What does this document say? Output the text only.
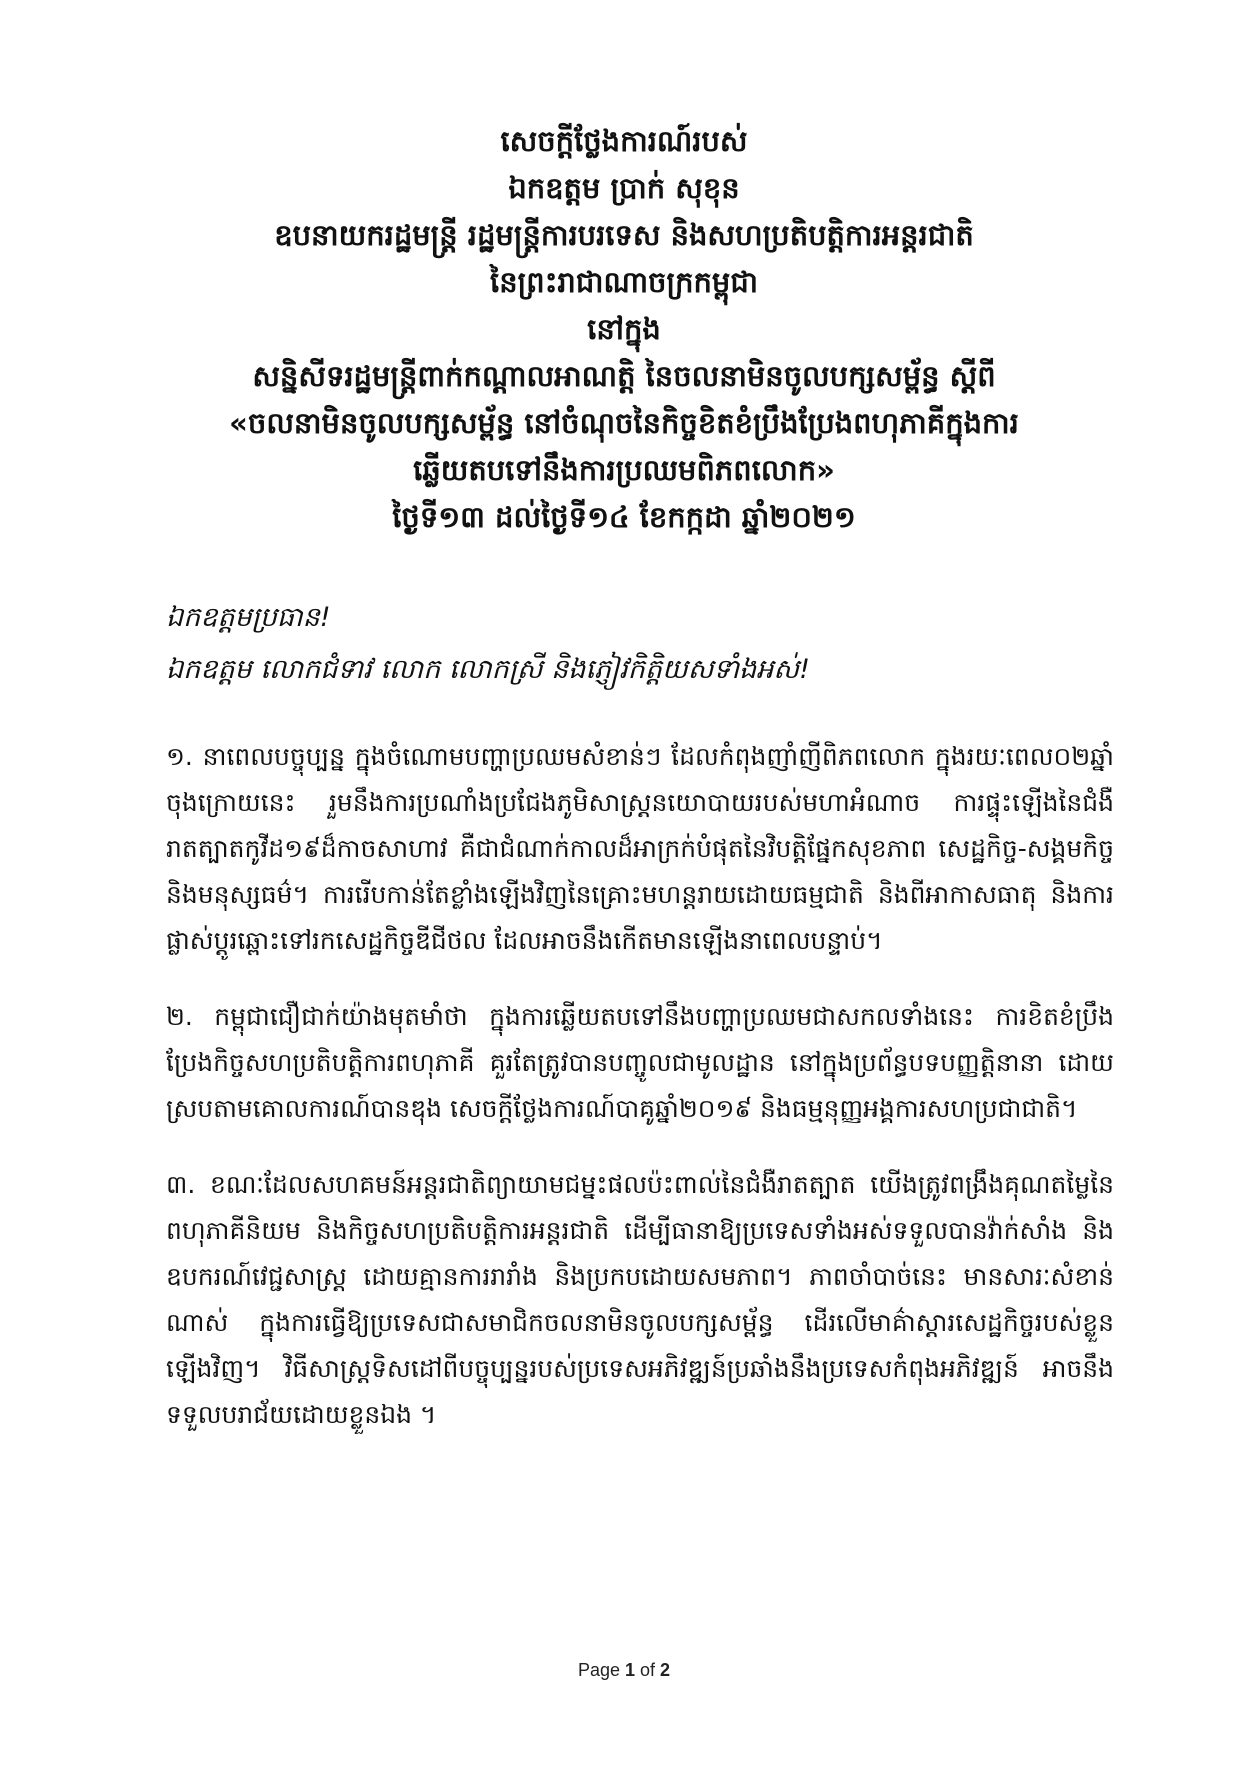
សេចក្តីថ្លែងការណ៍របស់
ឯកឧត្តម ប្រាក់ សុខុន
ឧបនាយករដ្ឋមន្ត្រី រដ្ឋមន្ត្រីការបរទេស និងសហប្រតិបត្តិការអន្តរជាតិ
នៃព្រះរាជាណាចក្រកម្ពុជា
នៅក្នុង
សន្និសីទរដ្ឋមន្ត្រីពាក់កណ្តាលអាណត្តិ នៃចលនាមិនចូលបក្សសម្ព័ន្ធ ស្តីពី
«ចលនាមិនចូលបក្សសម្ព័ន្ធ នៅចំណុចនៃកិច្ចខិតខំប្រឹងប្រែងពហុភាគីក្នុងការ
ឆ្លើយតបទៅនឹងការប្រឈមពិភពលោក»
ថ្ងៃទី១៣ ដល់ថ្ងៃទី១៤ ខែកក្កដា ឆ្នាំ២០២១
ឯកឧត្តមប្រធាន!
ឯកឧត្តម លោកជំទាវ លោក លោកស្រី និងភ្ញៀវកិត្តិយសទាំងអស់!

១. នាពេលបច្ចុប្បន្ន ក្នុងចំណោមបញ្ហាប្រឈមសំខាន់ៗ ដែលកំពុងញាំញីពិភពលោក ក្នុងរយៈពេល០២ឆ្នាំចុងក្រោយនេះ រួមនឹងការប្រណាំងប្រជែងភូមិសាស្ត្រនយោបាយរបស់មហាអំណាច ការផ្ទុះឡើងនៃជំងឺរាតត្បាតកូវីដ១៩ដ៏កាចសាហាវ គឺជាជំណាក់កាលដ៏អាក្រក់បំផុតនៃវិបត្តិផ្នែកសុខភាព សេដ្ឋកិច្ច-សង្គមកិច្ច និងមនុស្សធម៌។ ការរើបកាន់តែខ្លាំងឡើងវិញនៃគ្រោះមហន្តរាយដោយធម្មជាតិ និងពីអាកាសធាតុ និងការផ្លាស់ប្តូរឆ្ពោះទៅរកសេដ្ឋកិច្ចឌីជីថល ដែលអាចនឹងកើតមានឡើងនាពេលបន្ទាប់។

២. កម្ពុជាជឿជាក់យ៉ាងមុតមាំថា ក្នុងការឆ្លើយតបទៅនឹងបញ្ហាប្រឈមជាសកលទាំងនេះ ការខិតខំប្រឹងប្រែងកិច្ចសហប្រតិបត្តិការពហុភាគី គួរតែត្រូវបានបញ្ចូលជាមូលដ្ឋាន នៅក្នុងប្រព័ន្ធបទបញ្ញត្តិនានា ដោយស្របតាមគោលការណ៍បានឌុង សេចក្តីថ្លែងការណ៍បាគូឆ្នាំ២០១៩ និងធម្មនុញ្ញអង្គការសហប្រជាជាតិ។

៣. ខណៈដែលសហគមន៍អន្តរជាតិព្យាយាមជម្នះផលប៉ះពាល់នៃជំងឺរាតត្បាត យើងត្រូវពង្រឹងគុណតម្លៃនៃពហុភាគីនិយម និងកិច្ចសហប្រតិបត្តិការអន្តរជាតិ ដើម្បីធានាឱ្យប្រទេសទាំងអស់ទទួលបានវ៉ាក់សាំង និងឧបករណ៍វេជ្ជសាស្ត្រ ដោយគ្មានការរារាំង និងប្រកបដោយសមភាព។ ភាពចាំបាច់នេះ មានសារៈសំខាន់ណាស់ ក្នុងការធ្វើឱ្យប្រទេសជាសមាជិកចលនាមិនចូលបក្សសម្ព័ន្ធ ដើរលើមាគ៌ាស្តារសេដ្ឋកិច្ចរបស់ខ្លួនឡើងវិញ។ វិធីសាស្ត្រទិសដៅពីបច្ចុប្បន្នរបស់ប្រទេសអភិវឌ្ឍន៍ប្រឆាំងនឹងប្រទេសកំពុងអភិវឌ្ឍន៍ អាចនឹងទទួលបរាជ័យដោយខ្លួនឯង ។

Page 1 of 2
